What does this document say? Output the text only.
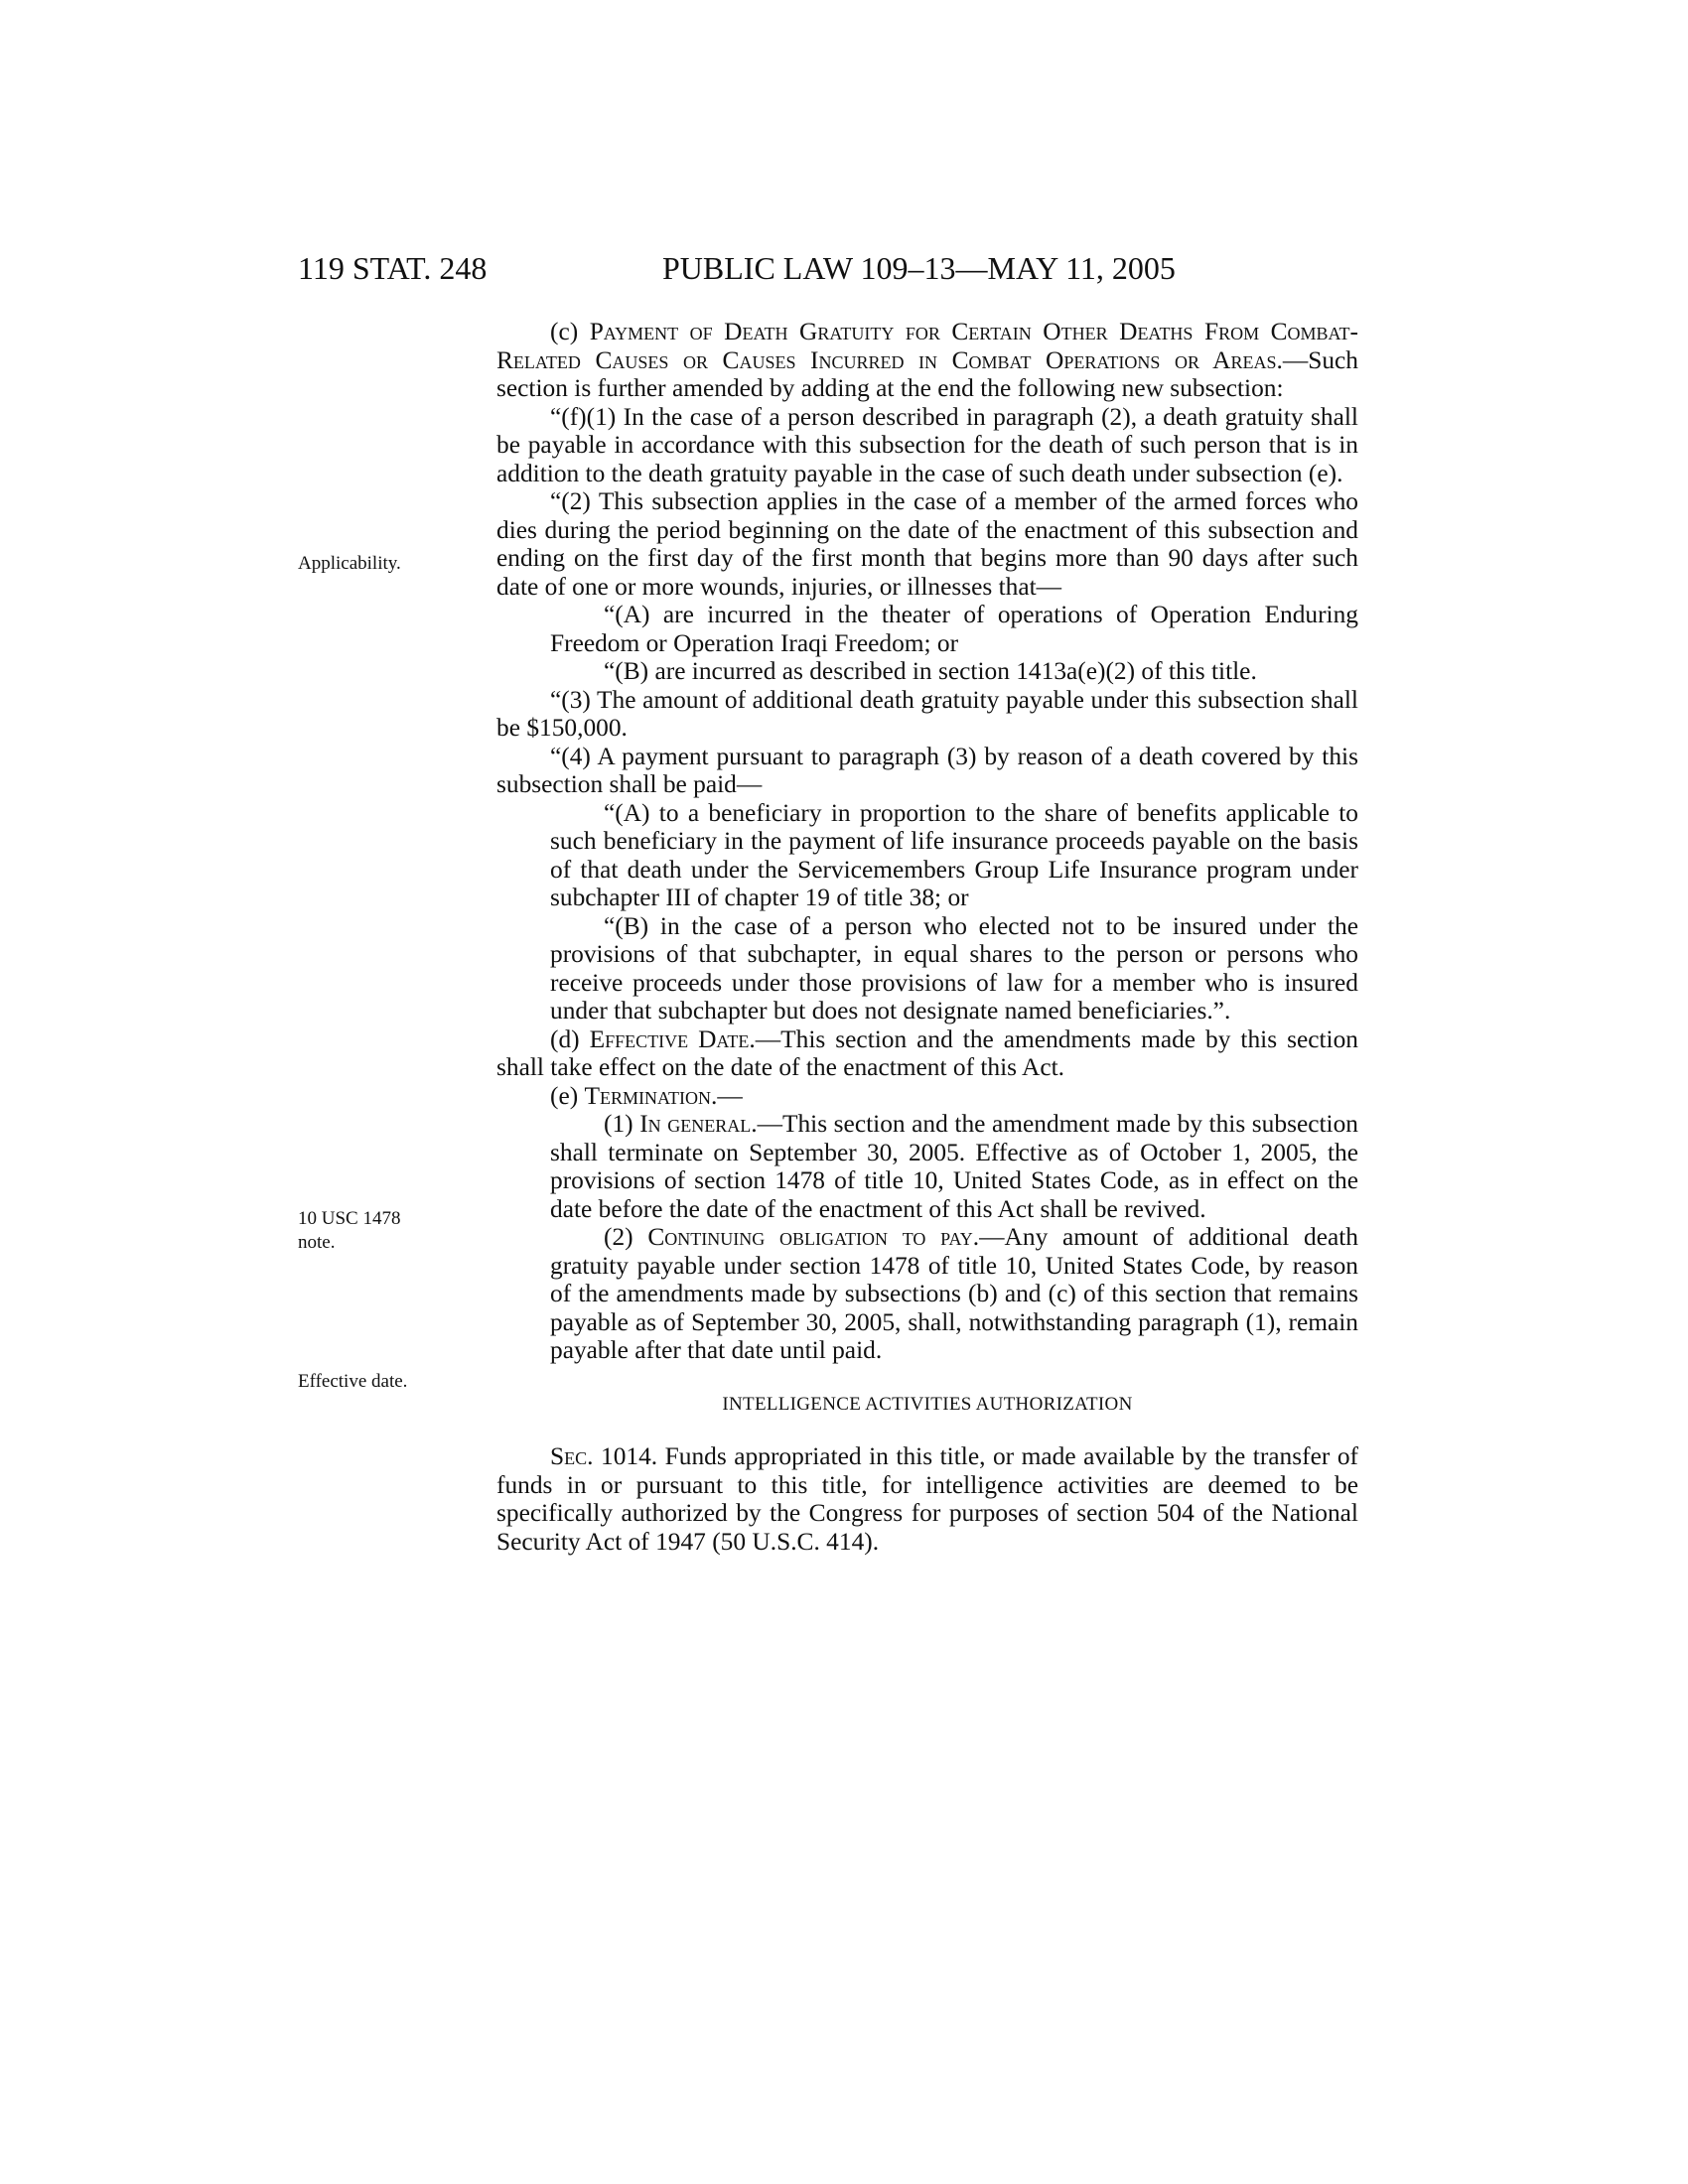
119 STAT. 248	PUBLIC LAW 109–13—MAY 11, 2005
Applicability.
10 USC 1478 note.
Effective date.

(c) Payment of Death Gratuity for Certain Other Deaths From Combat-Related Causes or Causes Incurred in Combat Operations or Areas.—Such section is further amended by adding at the end the following new subsection:

“(f)(1) In the case of a person described in paragraph (2), a death gratuity shall be payable in accordance with this subsection for the death of such person that is in addition to the death gratuity payable in the case of such death under subsection (e).

“(2) This subsection applies in the case of a member of the armed forces who dies during the period beginning on the date of the enactment of this subsection and ending on the first day of the first month that begins more than 90 days after such date of one or more wounds, injuries, or illnesses that—

“(A) are incurred in the theater of operations of Operation Enduring Freedom or Operation Iraqi Freedom; or

“(B) are incurred as described in section 1413a(e)(2) of this title.

“(3) The amount of additional death gratuity payable under this subsection shall be $150,000.

“(4) A payment pursuant to paragraph (3) by reason of a death covered by this subsection shall be paid—

“(A) to a beneficiary in proportion to the share of benefits applicable to such beneficiary in the payment of life insurance proceeds payable on the basis of that death under the Servicemembers Group Life Insurance program under subchapter III of chapter 19 of title 38; or

“(B) in the case of a person who elected not to be insured under the provisions of that subchapter, in equal shares to the person or persons who receive proceeds under those provisions of law for a member who is insured under that subchapter but does not designate named beneficiaries.”.

(d) Effective Date.—This section and the amendments made by this section shall take effect on the date of the enactment of this Act.

(e) Termination.—

(1) In general.—This section and the amendment made by this subsection shall terminate on September 30, 2005. Effective as of October 1, 2005, the provisions of section 1478 of title 10, United States Code, as in effect on the date before the date of the enactment of this Act shall be revived.

(2) Continuing obligation to pay.—Any amount of additional death gratuity payable under section 1478 of title 10, United States Code, by reason of the amendments made by subsections (b) and (c) of this section that remains payable as of September 30, 2005, shall, notwithstanding paragraph (1), remain payable after that date until paid.

INTELLIGENCE ACTIVITIES AUTHORIZATION

Sec. 1014. Funds appropriated in this title, or made available by the transfer of funds in or pursuant to this title, for intelligence activities are deemed to be specifically authorized by the Congress for purposes of section 504 of the National Security Act of 1947 (50 U.S.C. 414).
